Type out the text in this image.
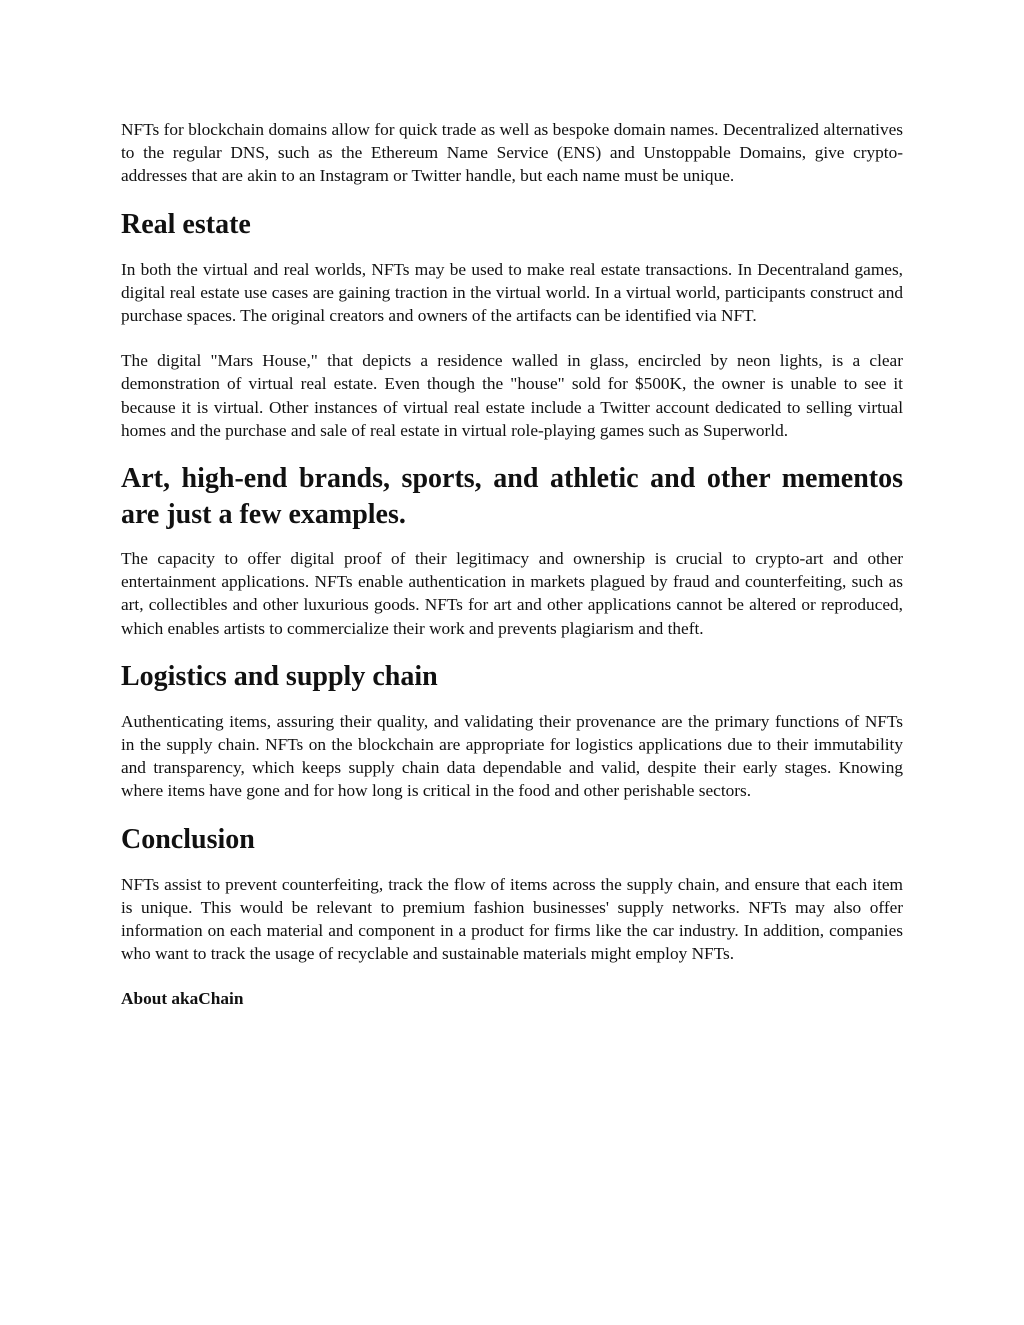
NFTs for blockchain domains allow for quick trade as well as bespoke domain names. Decentralized alternatives to the regular DNS, such as the Ethereum Name Service (ENS) and Unstoppable Domains, give crypto-addresses that are akin to an Instagram or Twitter handle, but each name must be unique.

Real estate

In both the virtual and real worlds, NFTs may be used to make real estate transactions. In Decentraland games, digital real estate use cases are gaining traction in the virtual world. In a virtual world, participants construct and purchase spaces. The original creators and owners of the artifacts can be identified via NFT.

The digital "Mars House," that depicts a residence walled in glass, encircled by neon lights, is a clear demonstration of virtual real estate. Even though the "house" sold for $500K, the owner is unable to see it because it is virtual. Other instances of virtual real estate include a Twitter account dedicated to selling virtual homes and the purchase and sale of real estate in virtual role-playing games such as Superworld.

Art, high-end brands, sports, and athletic and other mementos are just a few examples.

The capacity to offer digital proof of their legitimacy and ownership is crucial to crypto-art and other entertainment applications. NFTs enable authentication in markets plagued by fraud and counterfeiting, such as art, collectibles and other luxurious goods. NFTs for art and other applications cannot be altered or reproduced, which enables artists to commercialize their work and prevents plagiarism and theft.

Logistics and supply chain

Authenticating items, assuring their quality, and validating their provenance are the primary functions of NFTs in the supply chain. NFTs on the blockchain are appropriate for logistics applications due to their immutability and transparency, which keeps supply chain data dependable and valid, despite their early stages. Knowing where items have gone and for how long is critical in the food and other perishable sectors.

Conclusion

NFTs assist to prevent counterfeiting, track the flow of items across the supply chain, and ensure that each item is unique. This would be relevant to premium fashion businesses' supply networks. NFTs may also offer information on each material and component in a product for firms like the car industry. In addition, companies who want to track the usage of recyclable and sustainable materials might employ NFTs.

About akaChain
